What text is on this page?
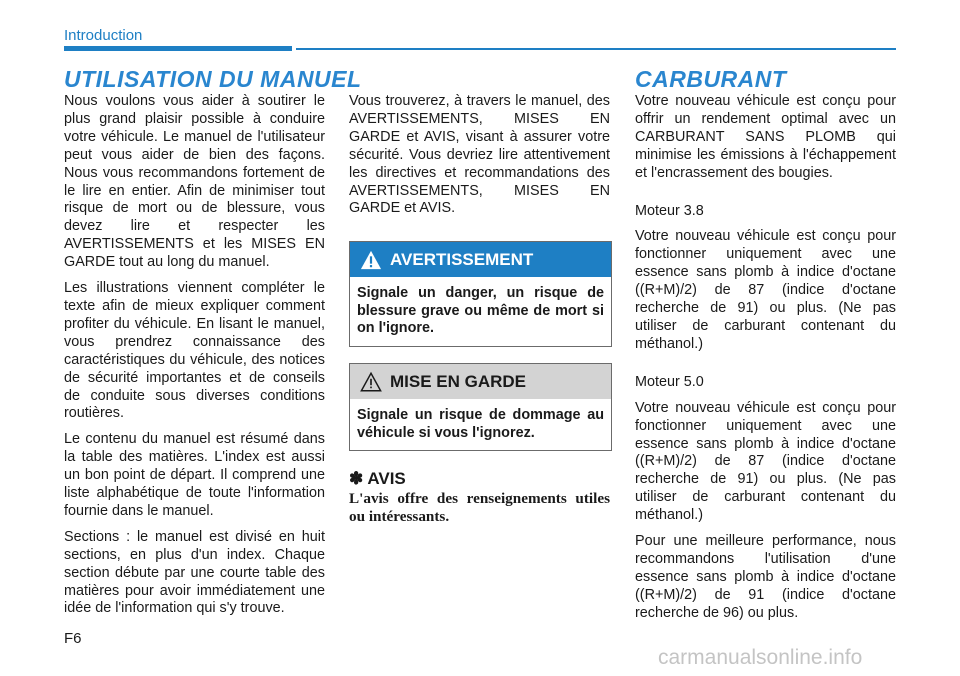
Introduction
UTILISATION DU MANUEL

Nous voulons vous aider à soutirer le plus grand plaisir possible à conduire votre véhicule. Le manuel de l'utilisateur peut vous aider de bien des façons. Nous vous recommandons fortement de le lire en entier. Afin de minimiser tout risque de mort ou de blessure, vous devez lire et respecter les AVERTISSEMENTS et les MISES EN GARDE tout au long du manuel.

Les illustrations viennent compléter le texte afin de mieux expliquer comment profiter du véhicule. En lisant le manuel, vous prendrez connaissance des caractéristiques du véhicule, des notices de sécurité importantes et de conseils de conduite sous diverses conditions routières.

Le contenu du manuel est résumé dans la table des matières. L'index est aussi un bon point de départ. Il comprend une liste alphabétique de toute l'information fournie dans le manuel.

Sections : le manuel est divisé en huit sections, en plus d'un index. Chaque section débute par une courte table des matières pour avoir immédiatement une idée de l'information qui s'y trouve.

Vous trouverez, à travers le manuel, des AVERTISSEMENTS, MISES EN GARDE et AVIS, visant à assurer votre sécurité. Vous devriez lire attentivement les directives et recommandations des AVERTISSEMENTS, MISES EN GARDE et AVIS.

AVERTISSEMENT
Signale un danger, un risque de blessure grave ou même de mort si on l'ignore.
MISE EN GARDE
Signale un risque de dommage au véhicule si vous l'ignorez.
✽ AVIS
L'avis offre des renseignements utiles ou intéressants.
CARBURANT

Votre nouveau véhicule est conçu pour offrir un rendement optimal avec un CARBURANT SANS PLOMB qui minimise les émissions à l'échappement et l'encrassement des bougies.

Moteur 3.8

Votre nouveau véhicule est conçu pour fonctionner uniquement avec une essence sans plomb à indice d'octane ((R+M)/2) de 87 (indice d'octane recherche de 91) ou plus. (Ne pas utiliser de carburant contenant du méthanol.)

Moteur 5.0

Votre nouveau véhicule est conçu pour fonctionner uniquement avec une essence sans plomb à indice d'octane ((R+M)/2) de 87 (indice d'octane recherche de 91) ou plus. (Ne pas utiliser de carburant contenant du méthanol.)

Pour une meilleure performance, nous recommandons l'utilisation d'une essence sans plomb à indice d'octane ((R+M)/2) de 91 (indice d'octane recherche de 96) ou plus.

F6
carmanualsonline.info
